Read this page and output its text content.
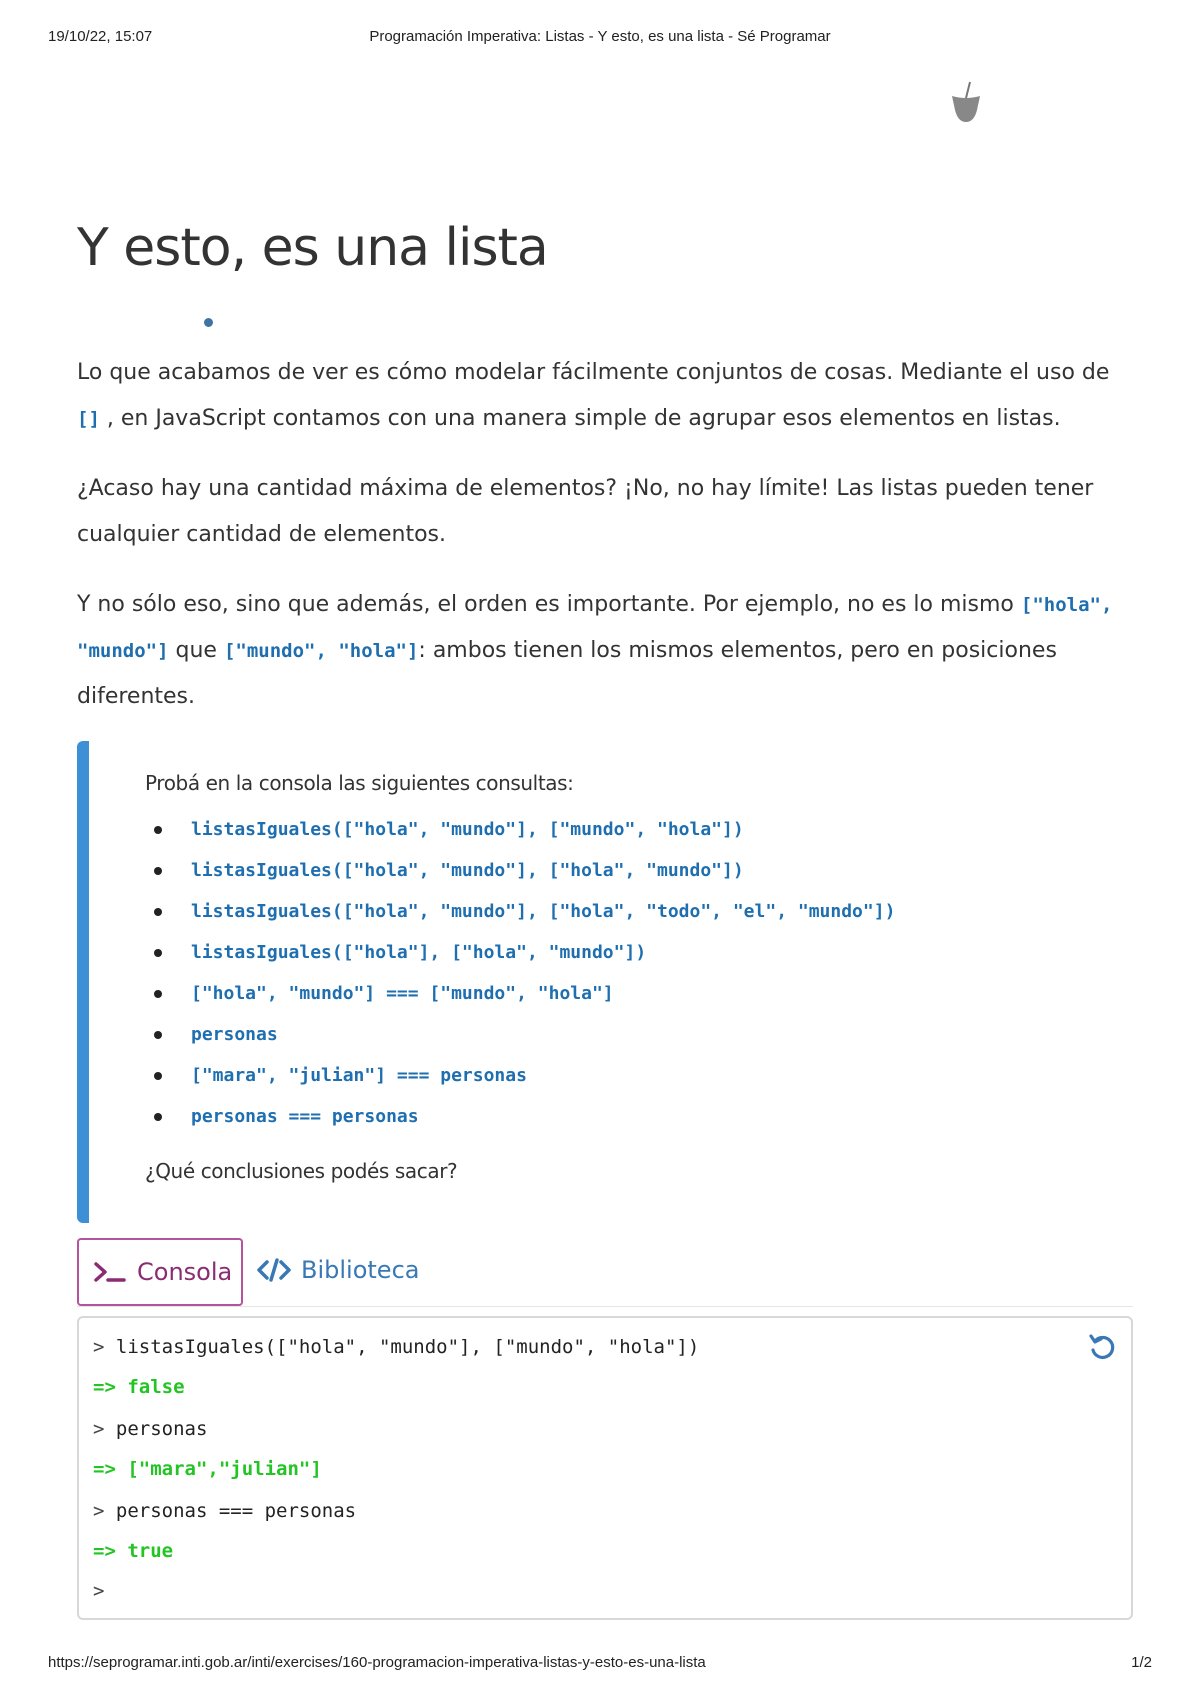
19/10/22, 15:07	Programación Imperativa: Listas - Y esto, es una lista - Sé Programar
Y esto, es una lista

Lo que acabamos de ver es cómo modelar fácilmente conjuntos de cosas. Mediante el uso de [] , en JavaScript contamos con una manera simple de agrupar esos elementos en listas.

¿Acaso hay una cantidad máxima de elementos? ¡No, no hay límite! Las listas pueden tener cualquier cantidad de elementos.

Y no sólo eso, sino que además, el orden es importante. Por ejemplo, no es lo mismo ["hola", "mundo"] que ["mundo", "hola"]: ambos tienen los mismos elementos, pero en posiciones diferentes.

Probá en la consola las siguientes consultas:
listasIguales(["hola", "mundo"], ["mundo", "hola"])
listasIguales(["hola", "mundo"], ["hola", "mundo"])
listasIguales(["hola", "mundo"], ["hola", "todo", "el", "mundo"])
listasIguales(["hola"], ["hola", "mundo"])
["hola", "mundo"] === ["mundo", "hola"]
personas
["mara", "julian"] === personas
personas === personas
¿Qué conclusiones podés sacar?
Consola	Biblioteca
> listasIguales(["hola", "mundo"], ["mundo", "hola"])
=> false
> personas
=> ["mara","julian"]
> personas === personas
=> true
>
https://seprogramar.inti.gob.ar/inti/exercises/160-programacion-imperativa-listas-y-esto-es-una-lista	1/2
